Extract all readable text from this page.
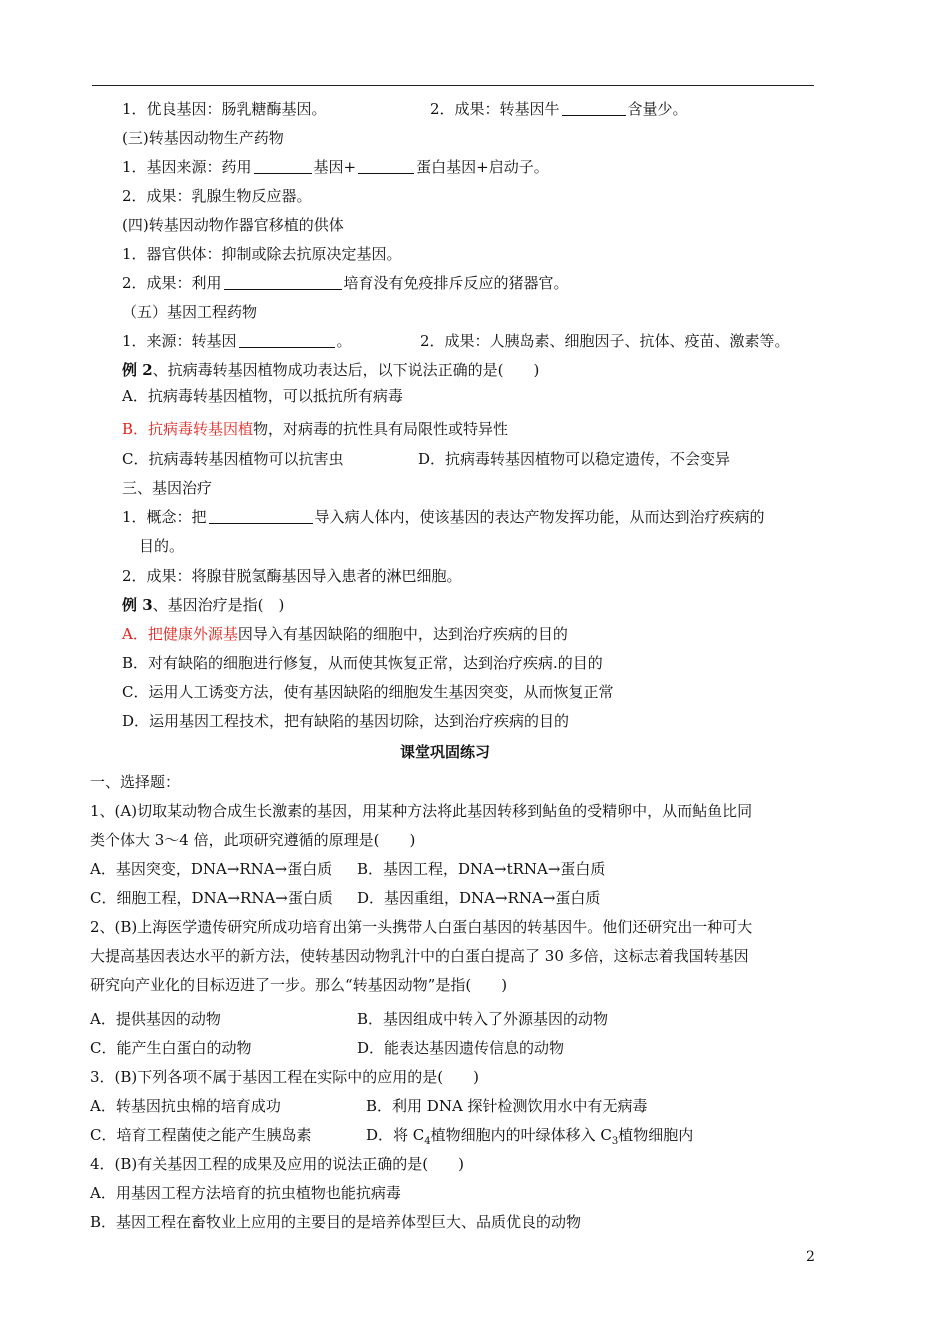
1．优良基因：肠乳糖酶基因。	2．成果：转基因牛	含量少。
(三)转基因动物生产药物
1．基因来源：药用	基因+	蛋白基因+启动子。
2．成果：乳腺生物反应器。
(四)转基因动物作器官移植的供体
1．器官供体：抑制或除去抗原决定基因。
2．成果：利用	培育没有免疫排斥反应的猪器官。
（五）基因工程药物
1．来源：转基因	。	2．成果：人胰岛素、细胞因子、抗体、疫苗、激素等。
例 2、抗病毒转基因植物成功表达后，以下说法正确的是(　　)
A．抗病毒转基因植物，可以抵抗所有病毒
B．抗病毒转基因植物，对病毒的抗性具有局限性或特异性
C．抗病毒转基因植物可以抗害虫	D．抗病毒转基因植物可以稳定遗传，不会变异
三、基因治疗
1．概念：把	导入病人体内，使该基因的表达产物发挥功能，从而达到治疗疾病的
目的。
2．成果：将腺苷脱氢酶基因导入患者的淋巴细胞。
例 3、基因治疗是指(　)
A．把健康外源基因导入有基因缺陷的细胞中，达到治疗疾病的目的
B．对有缺陷的细胞进行修复，从而使其恢复正常，达到治疗疾病.的目的
C．运用人工诱变方法，使有基因缺陷的细胞发生基因突变，从而恢复正常
D．运用基因工程技术，把有缺陷的基因切除，达到治疗疾病的目的
课堂巩固练习
一、选择题：
1、(A)切取某动物合成生长激素的基因，用某种方法将此基因转移到鲇鱼的受精卵中，从而鲇鱼比同
类个体大 3～4 倍，此项研究遵循的原理是(　　)
A．基因突变，DNA→RNA→蛋白质 B．基因工程，DNA→tRNA→蛋白质
C．细胞工程，DNA→RNA→蛋白质 D．基因重组，DNA→RNA→蛋白质
2、(B)上海医学遗传研究所成功培育出第一头携带人白蛋白基因的转基因牛。他们还研究出一种可大
大提高基因表达水平的新方法，使转基因动物乳汁中的白蛋白提高了 30 多倍，这标志着我国转基因
研究向产业化的目标迈进了一步。那么“转基因动物”是指(　　)
A．提供基因的动物	B．基因组成中转入了外源基因的动物
C．能产生白蛋白的动物	D．能表达基因遗传信息的动物
3．(B)下列各项不属于基因工程在实际中的应用的是(　　)
A．转基因抗虫棉的培育成功	B．利用 DNA 探针检测饮用水中有无病毒
C．培育工程菌使之能产生胰岛素	D．将 $C_4$植物细胞内的叶绿体移入 $C_3$植物细胞内
4．(B)有关基因工程的成果及应用的说法正确的是(　　)
A．用基因工程方法培育的抗虫植物也能抗病毒
B．基因工程在畜牧业上应用的主要目的是培养体型巨大、品质优良的动物
2
